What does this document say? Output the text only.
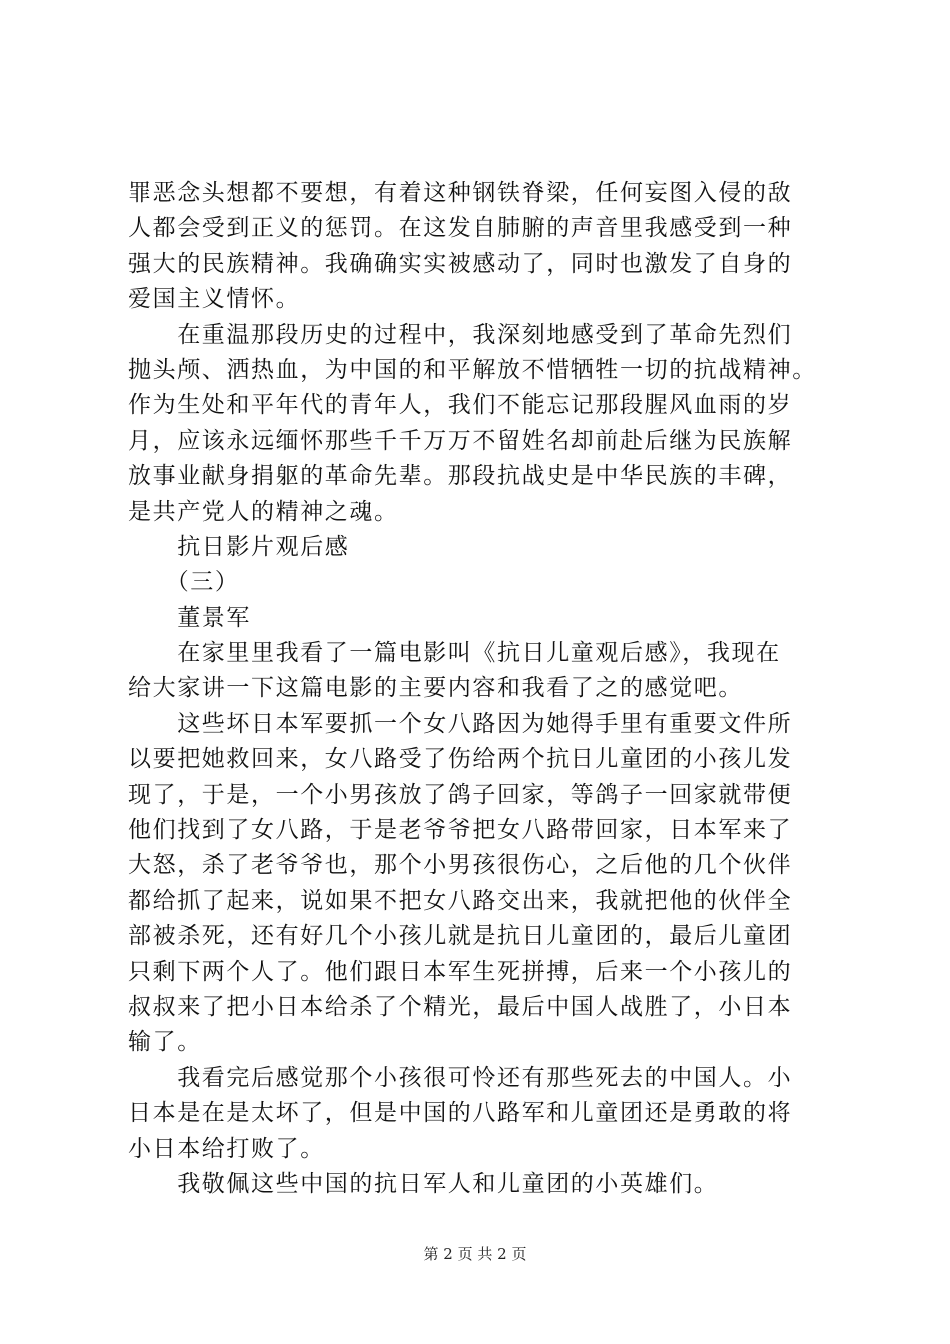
罪恶念头想都不要想，有着这种钢铁脊梁，任何妄图入侵的敌
人都会受到正义的惩罚。在这发自肺腑的声音里我感受到一种
强大的民族精神。我确确实实被感动了，同时也激发了自身的
爱国主义情怀。
　　在重温那段历史的过程中，我深刻地感受到了革命先烈们
抛头颅、洒热血，为中国的和平解放不惜牺牲一切的抗战精神。
作为生处和平年代的青年人，我们不能忘记那段腥风血雨的岁
月，应该永远缅怀那些千千万万不留姓名却前赴后继为民族解
放事业献身捐躯的革命先辈。那段抗战史是中华民族的丰碑，
是共产党人的精神之魂。
　　抗日影片观后感
　　（三）
　　董景军
　　在家里里我看了一篇电影叫《抗日儿童观后感》，我现在
给大家讲一下这篇电影的主要内容和我看了之的感觉吧。
　　这些坏日本军要抓一个女八路因为她得手里有重要文件所
以要把她救回来，女八路受了伤给两个抗日儿童团的小孩儿发
现了，于是，一个小男孩放了鸽子回家，等鸽子一回家就带便
他们找到了女八路，于是老爷爷把女八路带回家，日本军来了
大怒，杀了老爷爷也，那个小男孩很伤心，之后他的几个伙伴
都给抓了起来，说如果不把女八路交出来，我就把他的伙伴全
部被杀死，还有好几个小孩儿就是抗日儿童团的，最后儿童团
只剩下两个人了。他们跟日本军生死拼搏，后来一个小孩儿的
叔叔来了把小日本给杀了个精光，最后中国人战胜了，小日本
输了。
　　我看完后感觉那个小孩很可怜还有那些死去的中国人。小
日本是在是太坏了，但是中国的八路军和儿童团还是勇敢的将
小日本给打败了。
　　我敬佩这些中国的抗日军人和儿童团的小英雄们。
第 2 页 共 2 页
